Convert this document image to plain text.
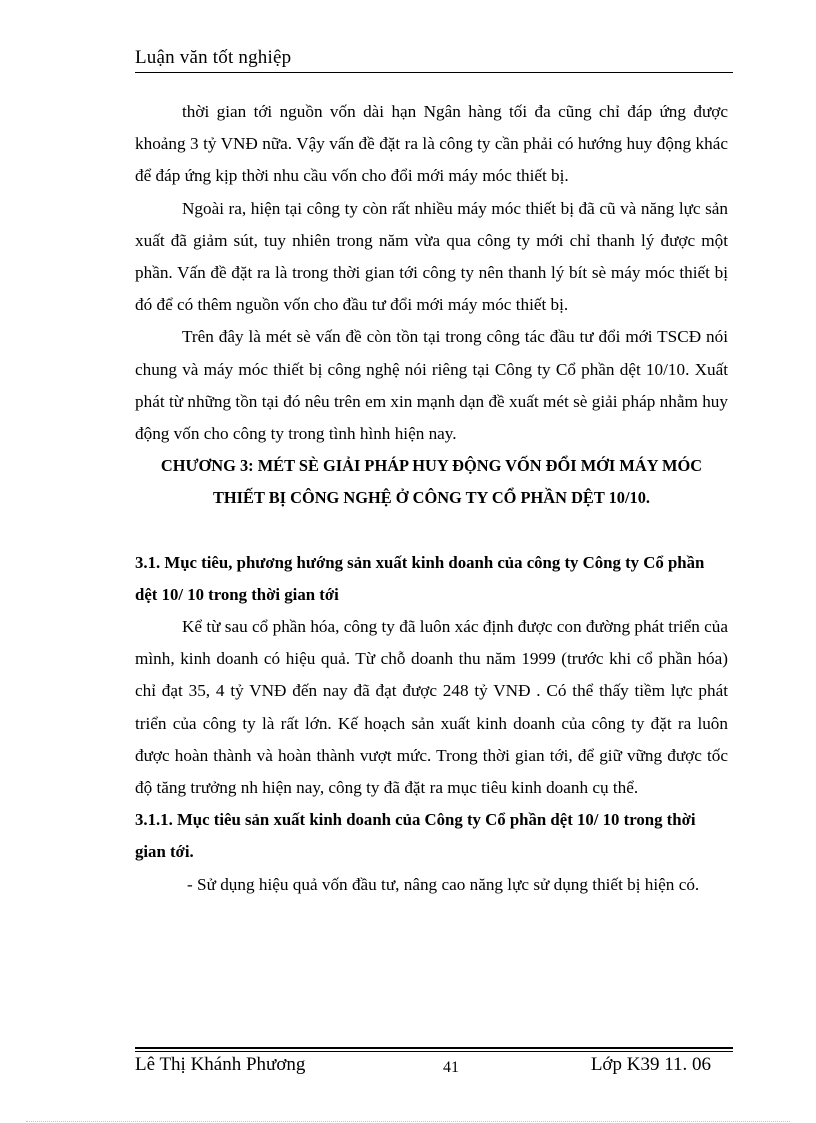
Luận văn tốt nghiệp

thời gian tới nguồn vốn dài hạn Ngân hàng tối đa cũng chỉ đáp ứng được khoảng 3 tỷ VNĐ nữa. Vậy vấn đề đặt ra là công ty cần phải có hướng huy động khác để đáp ứng kịp thời nhu cầu vốn cho đổi mới máy móc thiết bị.

Ngoài ra, hiện tại công ty còn rất nhiều máy móc thiết bị đã cũ và năng lực sản xuất đã giảm sút, tuy nhiên trong năm vừa qua công ty mới chỉ thanh lý được một phần. Vấn đề đặt ra là trong thời gian tới công ty nên thanh lý bít sè máy móc thiết bị đó để có thêm nguồn vốn cho đầu tư đổi mới máy móc thiết bị.

Trên đây là mét sè vấn đề còn tồn tại trong công tác đầu tư đổi mới TSCĐ nói chung và máy móc thiết bị công nghệ nói riêng tại Công ty Cổ phần dệt 10/10. Xuất phát từ những tồn tại đó nêu trên em xin mạnh dạn đề xuất mét sè giải pháp nhằm huy động vốn cho công ty trong tình hình hiện nay.

CHƯƠNG 3: MÉT SÈ GIẢI PHÁP HUY ĐỘNG VỐN ĐỔI MỚI MÁY MÓC THIẾT BỊ CÔNG NGHỆ Ở CÔNG TY CỔ PHẦN DỆT 10/10.

3.1. Mục tiêu, phương hướng sản xuất kinh doanh của công ty Công ty Cổ phần dệt 10/ 10 trong thời gian tới

Kể từ sau cổ phần hóa, công ty đã luôn xác định được con đường phát triển của mình, kinh doanh có hiệu quả. Từ chỗ doanh thu năm 1999 (trước khi cổ phần hóa) chỉ đạt 35, 4 tỷ VNĐ đến nay đã đạt được 248 tỷ VNĐ . Có thể thấy tiềm lực phát triển của công ty là rất lớn. Kế hoạch sản xuất kinh doanh của công ty đặt ra luôn được hoàn thành và hoàn thành vượt mức. Trong thời gian tới, để giữ vững được tốc độ tăng trưởng nh hiện nay, công ty đã đặt ra mục tiêu kinh doanh cụ thể.

3.1.1. Mục tiêu sản xuất kinh doanh của Công ty Cổ phần dệt 10/ 10 trong thời gian tới.

- Sử dụng hiệu quả vốn đầu tư, nâng cao năng lực sử dụng thiết bị hiện có.

Lê Thị Khánh Phương	41	Lớp K39 11. 06
